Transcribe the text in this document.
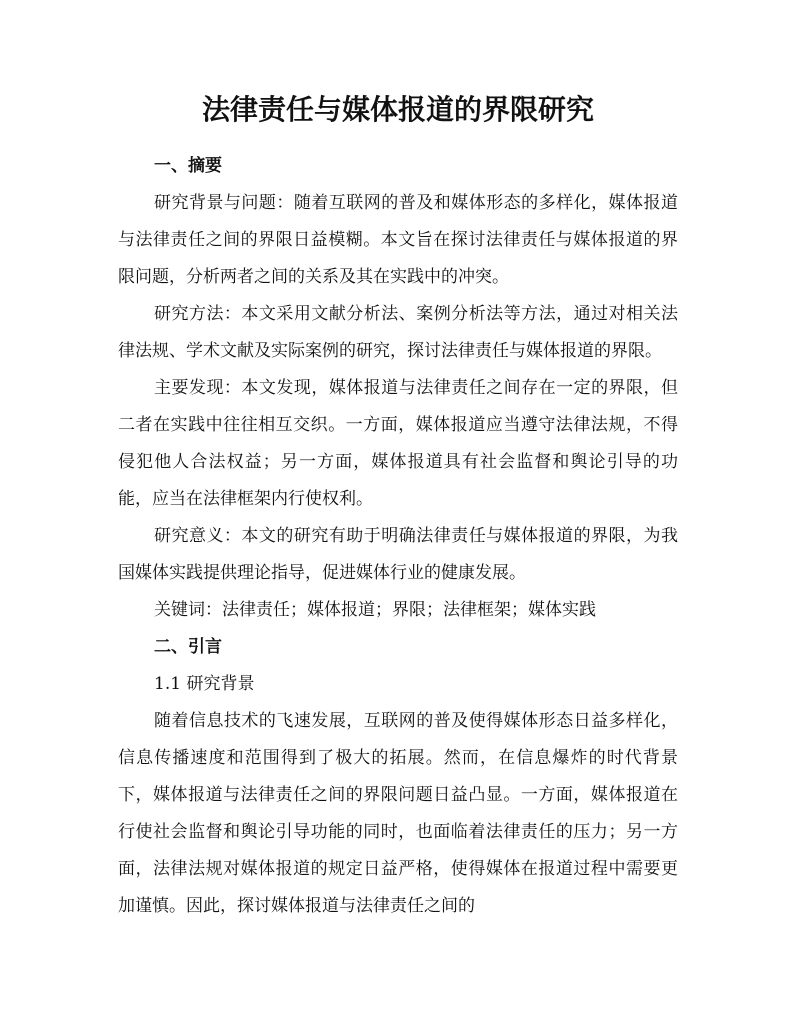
法律责任与媒体报道的界限研究
一、摘要

研究背景与问题：随着互联网的普及和媒体形态的多样化，媒体报道与法律责任之间的界限日益模糊。本文旨在探讨法律责任与媒体报道的界限问题，分析两者之间的关系及其在实践中的冲突。

研究方法：本文采用文献分析法、案例分析法等方法，通过对相关法律法规、学术文献及实际案例的研究，探讨法律责任与媒体报道的界限。

主要发现：本文发现，媒体报道与法律责任之间存在一定的界限，但二者在实践中往往相互交织。一方面，媒体报道应当遵守法律法规，不得侵犯他人合法权益；另一方面，媒体报道具有社会监督和舆论引导的功能，应当在法律框架内行使权利。

研究意义：本文的研究有助于明确法律责任与媒体报道的界限，为我国媒体实践提供理论指导，促进媒体行业的健康发展。

关键词：法律责任；媒体报道；界限；法律框架；媒体实践
二、引言
1.1 研究背景

随着信息技术的飞速发展，互联网的普及使得媒体形态日益多样化，信息传播速度和范围得到了极大的拓展。然而，在信息爆炸的时代背景下，媒体报道与法律责任之间的界限问题日益凸显。一方面，媒体报道在行使社会监督和舆论引导功能的同时，也面临着法律责任的压力；另一方面，法律法规对媒体报道的规定日益严格，使得媒体在报道过程中需要更加谨慎。因此，探讨媒体报道与法律责任之间的
